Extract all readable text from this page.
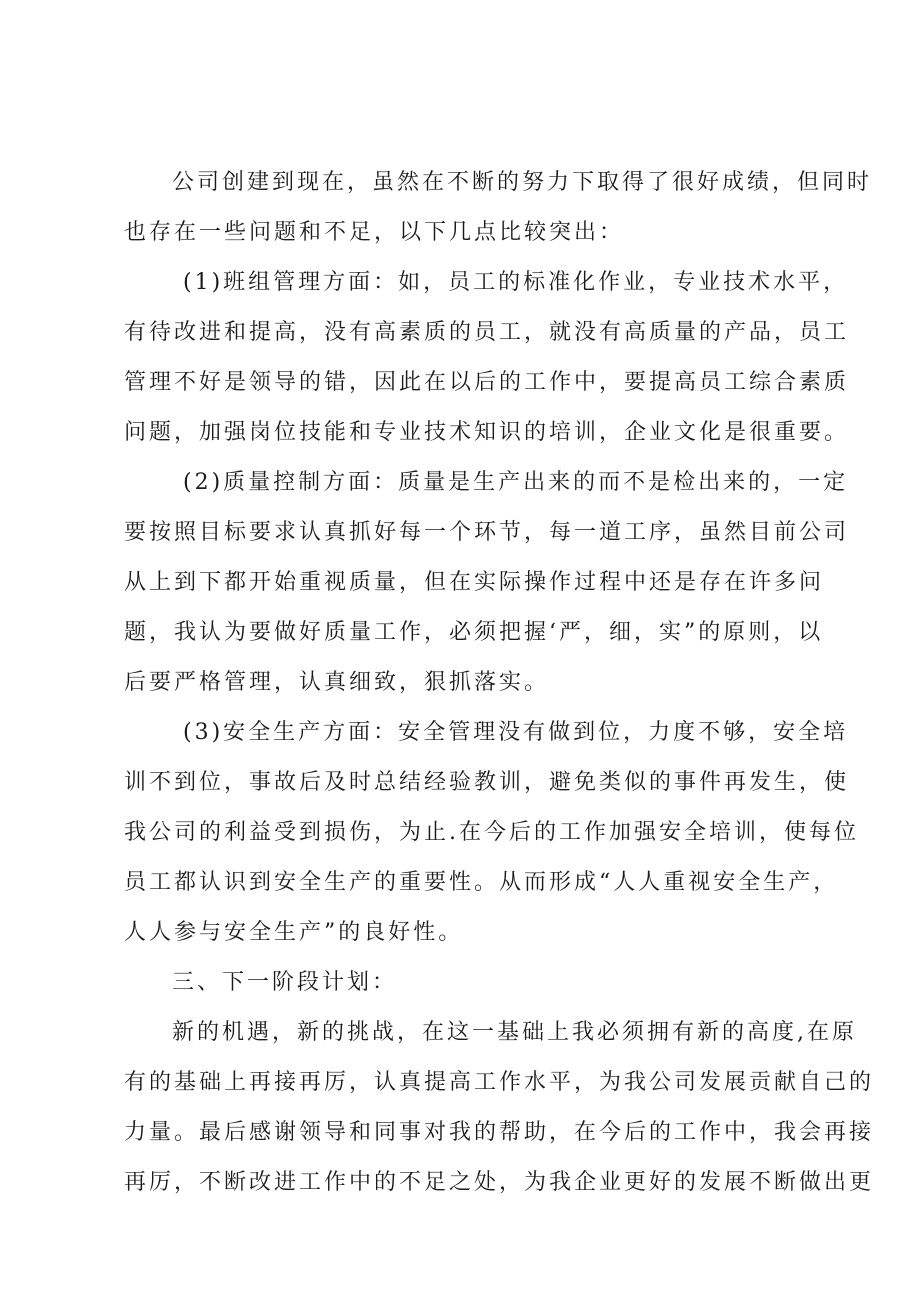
公司创建到现在，虽然在不断的努力下取得了很好成绩，但同时
也存在一些问题和不足，以下几点比较突出：
(1)班组管理方面：如，员工的标准化作业，专业技术水平，
有待改进和提高，没有高素质的员工，就没有高质量的产品，员工
管理不好是领导的错，因此在以后的工作中，要提高员工综合素质
问题，加强岗位技能和专业技术知识的培训，企业文化是很重要。
(2)质量控制方面：质量是生产出来的而不是检出来的，一定
要按照目标要求认真抓好每一个环节，每一道工序，虽然目前公司
从上到下都开始重视质量，但在实际操作过程中还是存在许多问
题，我认为要做好质量工作，必须把握‘严，细，实”的原则，以
后要严格管理，认真细致，狠抓落实。
(3)安全生产方面：安全管理没有做到位，力度不够，安全培
训不到位，事故后及时总结经验教训，避免类似的事件再发生，使
我公司的利益受到损伤，为止.在今后的工作加强安全培训，使每位
员工都认识到安全生产的重要性。从而形成“人人重视安全生产，
人人参与安全生产”的良好性。
三、下一阶段计划：
新的机遇，新的挑战，在这一基础上我必须拥有新的高度,在原
有的基础上再接再厉，认真提高工作水平，为我公司发展贡献自己的
力量。最后感谢领导和同事对我的帮助，在今后的工作中，我会再接
再厉，不断改进工作中的不足之处，为我企业更好的发展不断做出更
